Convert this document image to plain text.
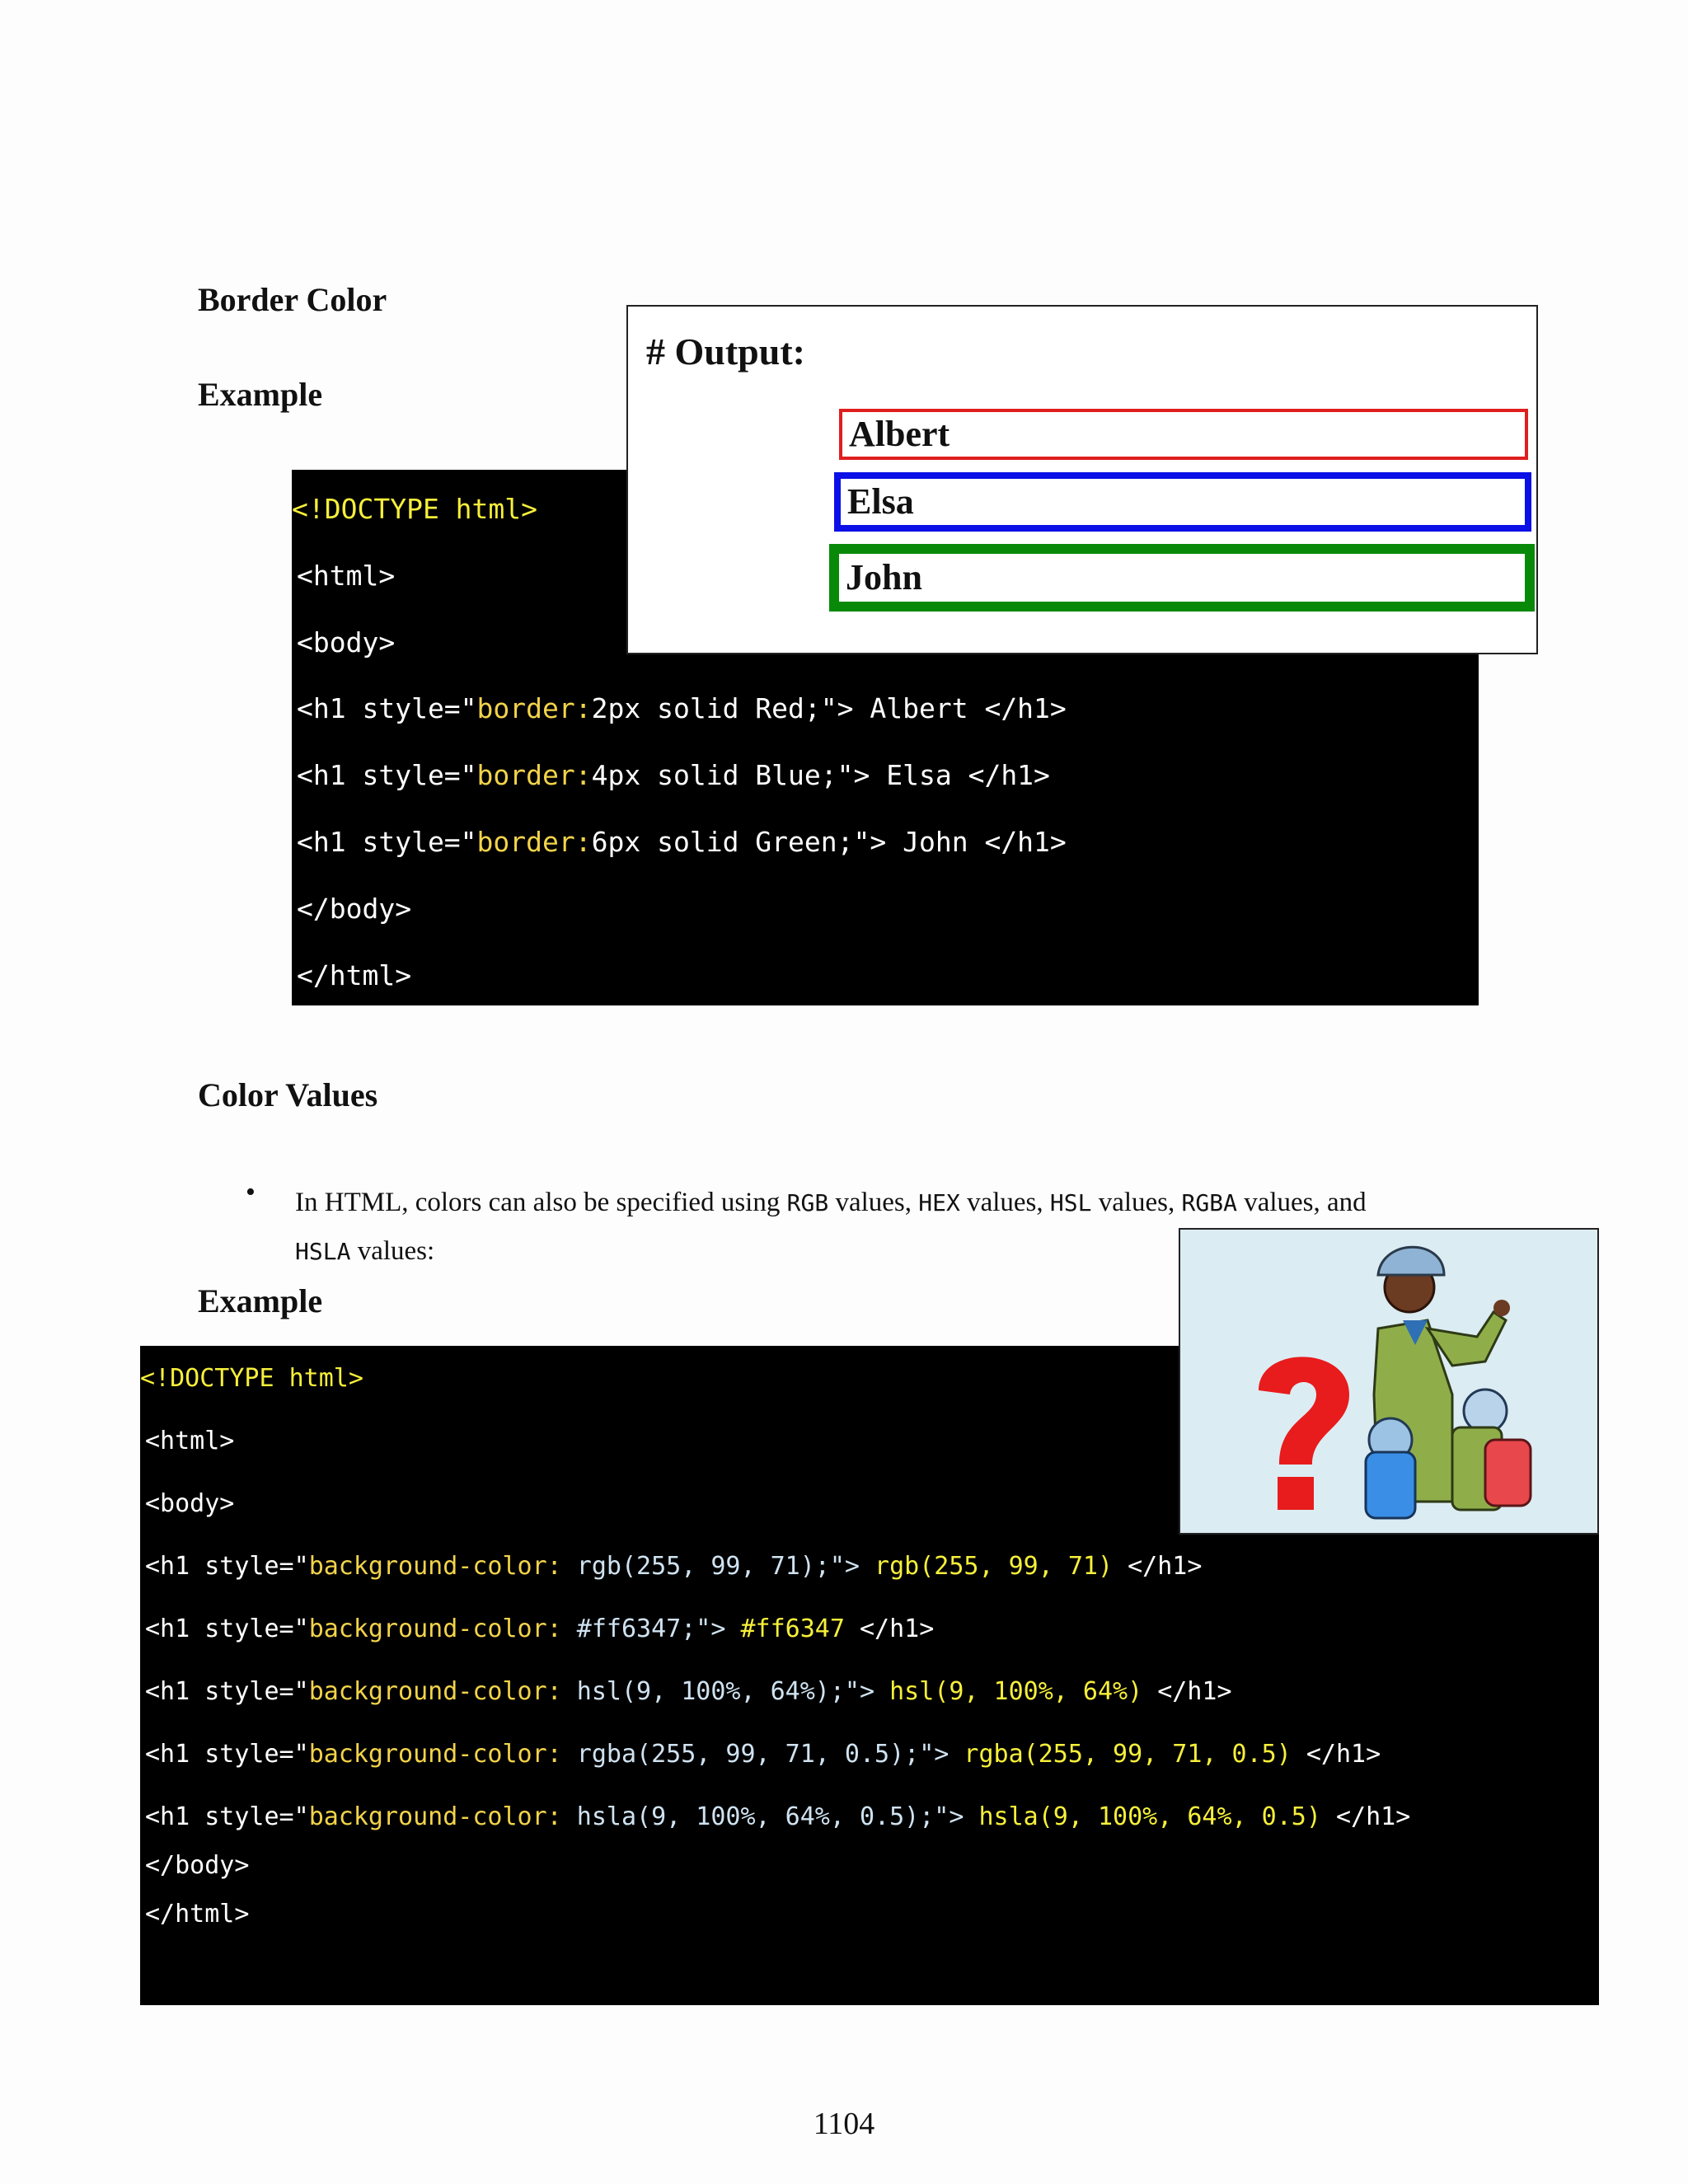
Border Color
Example

<!DOCTYPE html>

<html>

<body>

<h1 style="border:2px solid Red;"> Albert </h1>

<h1 style="border:4px solid Blue;"> Elsa </h1>

<h1 style="border:6px solid Green;"> John </h1>

</body>

</html>

# Output:
Albert
Elsa
John
Color Values
• In HTML, colors can also be specified using RGB values, HEX values, HSL values, RGBA values, and
HSLA values:
Example

<!DOCTYPE html>

<html>

<body>

<h1 style="background-color: rgb(255, 99, 71);"> rgb(255, 99, 71) </h1>

<h1 style="background-color: #ff6347;"> #ff6347 </h1>

<h1 style="background-color: hsl(9, 100%, 64%);"> hsl(9, 100%, 64%) </h1>

<h1 style="background-color: rgba(255, 99, 71, 0.5);"> rgba(255, 99, 71, 0.5) </h1>

<h1 style="background-color: hsla(9, 100%, 64%, 0.5);"> hsla(9, 100%, 64%, 0.5) </h1>

</body>

</html>

1104
